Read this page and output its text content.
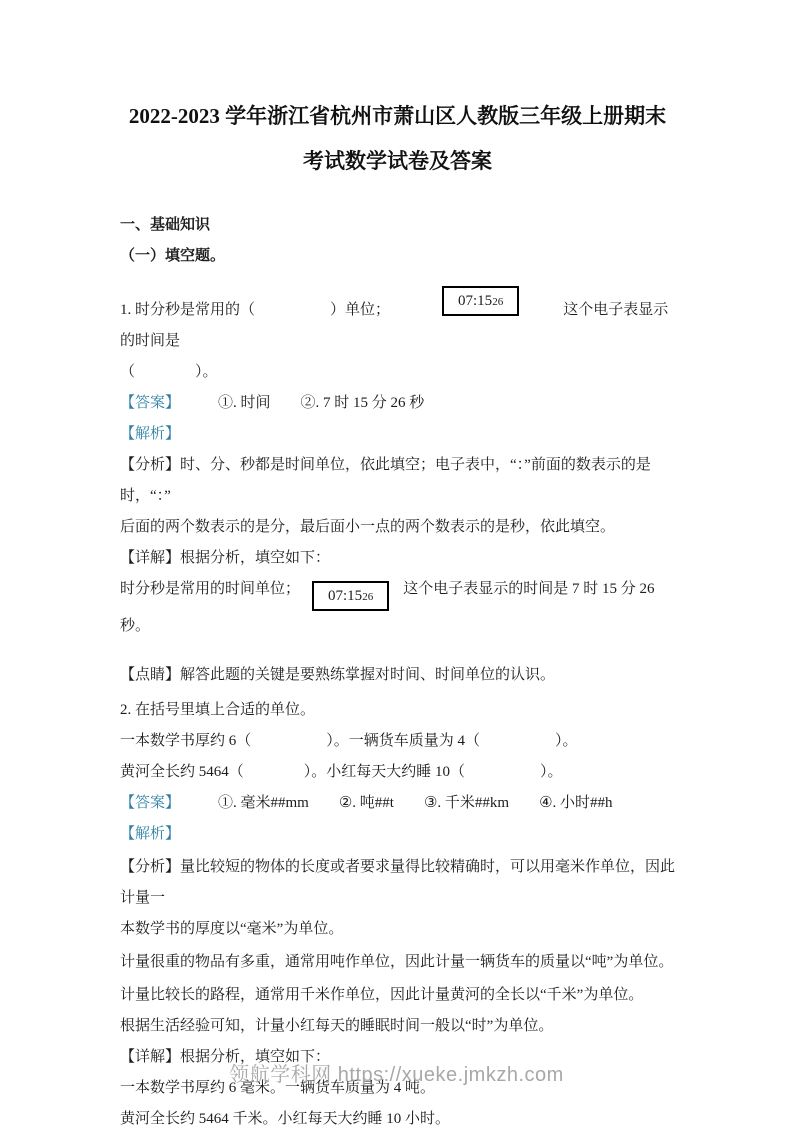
2022-2023 学年浙江省杭州市萧山区人教版三年级上册期末
考试数学试卷及答案

一、基础知识

（一）填空题。

1. 时分秒是常用的（　　　　　）单位；07:1526	这个电子表显示的时间是

（　　　　）。

【答案】	①. 时间 ②. 7 时 15 分 26 秒

【解析】

【分析】时、分、秒都是时间单位，依此填空；电子表中，“：”前面的数表示的是时，“：”

后面的两个数表示的是分，最后面小一点的两个数表示的是秒，依此填空。

【详解】根据分析，填空如下：

时分秒是常用的时间单位； 07:1526 这个电子表显示的时间是 7 时 15 分 26 秒。

【点睛】解答此题的关键是要熟练掌握对时间、时间单位的认识。

2. 在括号里填上合适的单位。

一本数学书厚约 6（　　　　　）。一辆货车质量为 4（　　　　　）。

黄河全长约 5464（　　　　）。小红每天大约睡 10（　　　　　）。

【答案】	①. 毫米##mm ②. 吨##t ③. 千米##km ④. 小时##h

【解析】

【分析】量比较短的物体的长度或者要求量得比较精确时，可以用毫米作单位，因此计量一

本数学书的厚度以“毫米”为单位。

计量很重的物品有多重，通常用吨作单位，因此计量一辆货车的质量以“吨”为单位。

计量比较长的路程，通常用千米作单位，因此计量黄河的全长以“千米”为单位。

根据生活经验可知，计量小红每天的睡眠时间一般以“时”为单位。

【详解】根据分析，填空如下：

一本数学书厚约 6 毫米。一辆货车质量为 4 吨。

黄河全长约 5464 千米。小红每天大约睡 10 小时。

领航学科网 https://xueke.jmkzh.com
